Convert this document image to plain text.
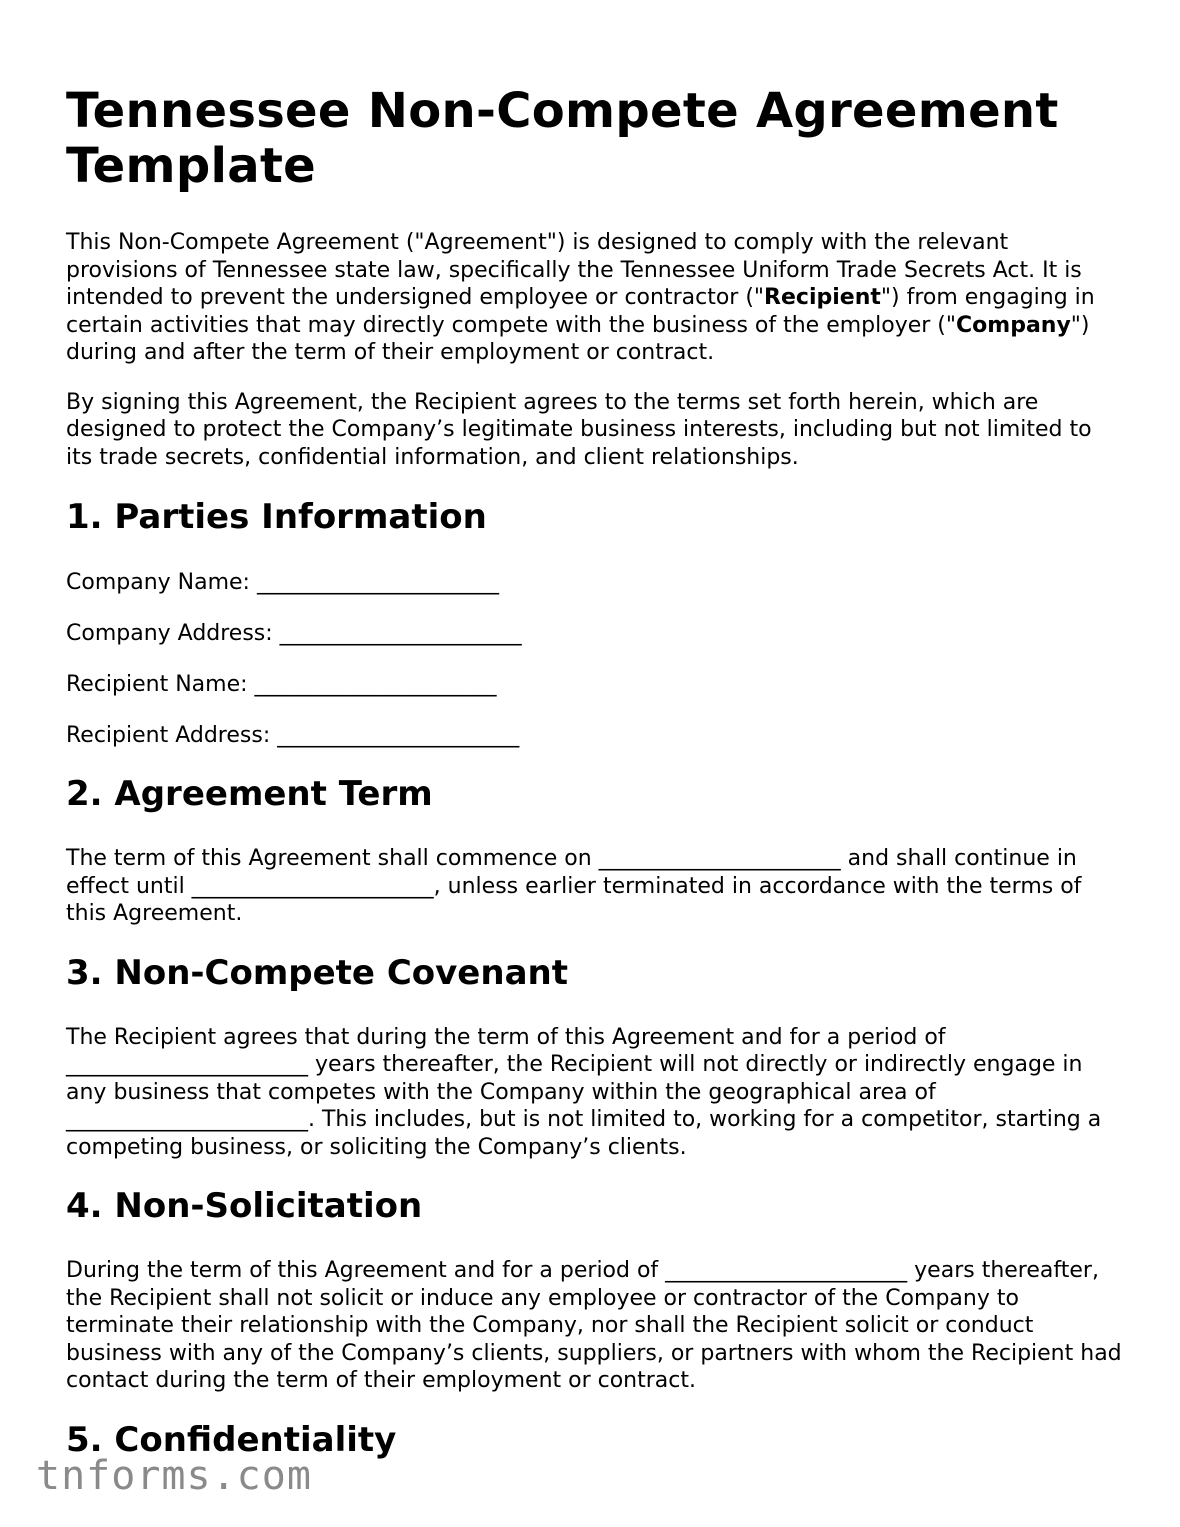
Tennessee Non-Compete Agreement Template

This Non-Compete Agreement ("Agreement") is designed to comply with the relevant provisions of Tennessee state law, specifically the Tennessee Uniform Trade Secrets Act. It is intended to prevent the undersigned employee or contractor ("Recipient") from engaging in certain activities that may directly compete with the business of the employer ("Company") during and after the term of their employment or contract.

By signing this Agreement, the Recipient agrees to the terms set forth herein, which are designed to protect the Company’s legitimate business interests, including but not limited to its trade secrets, confidential information, and client relationships.

1. Parties Information
Company Name: ______________________
Company Address: ______________________
Recipient Name: ______________________
Recipient Address: ______________________
2. Agreement Term

The term of this Agreement shall commence on ______________________ and shall continue in effect until ______________________, unless earlier terminated in accordance with the terms of this Agreement.

3. Non-Compete Covenant

The Recipient agrees that during the term of this Agreement and for a period of ______________________ years thereafter, the Recipient will not directly or indirectly engage in any business that competes with the Company within the geographical area of ______________________. This includes, but is not limited to, working for a competitor, starting a competing business, or soliciting the Company’s clients.

4. Non-Solicitation

During the term of this Agreement and for a period of ______________________ years thereafter, the Recipient shall not solicit or induce any employee or contractor of the Company to terminate their relationship with the Company, nor shall the Recipient solicit or conduct business with any of the Company’s clients, suppliers, or partners with whom the Recipient had contact during the term of their employment or contract.

5. Confidentiality
tnforms.com
